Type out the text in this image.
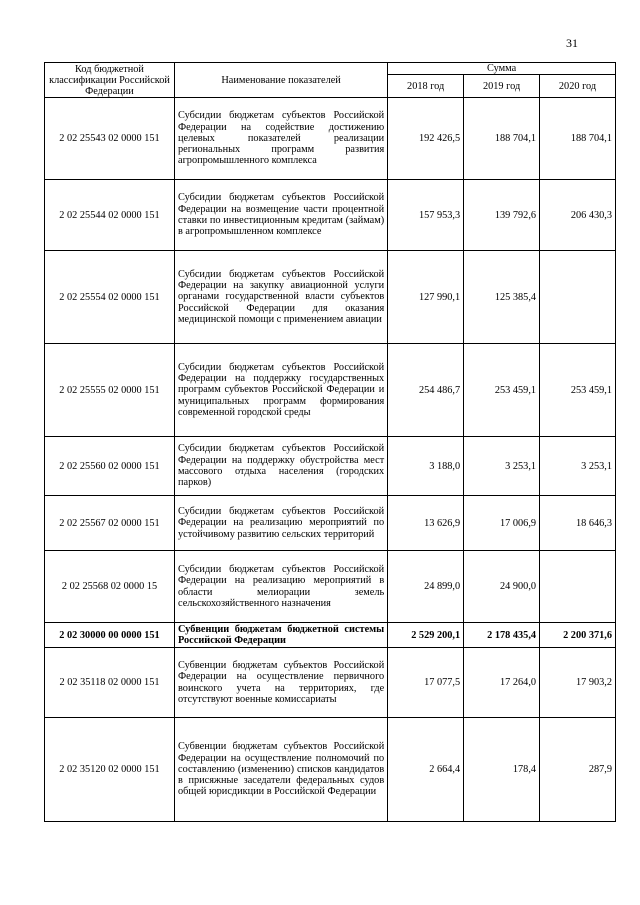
31
Код бюджетной классификации Российской Федерации	Наименование показателей	Сумма		
		2018 год	2019 год	2020 год
2 02 25543 02 0000 151	Субсидии бюджетам субъектов Российской Федерации на содействие достижению целевых показателей реализации региональных программ развития агропромышленного комплекса	192 426,5	188 704,1	188 704,1
2 02 25544 02 0000 151	Субсидии бюджетам субъектов Российской Федерации на возмещение части процентной ставки по инвестиционным кредитам (займам) в агропромышленном комплексе	157 953,3	139 792,6	206 430,3
2 02 25554 02 0000 151	Субсидии бюджетам субъектов Российской Федерации на закупку авиационной услуги органами государственной власти субъектов Российской Федерации для оказания медицинской помощи с применением авиации	127 990,1	125 385,4	
2 02 25555 02 0000 151	Субсидии бюджетам субъектов Российской Федерации на поддержку государственных программ субъектов Российской Федерации и муниципальных программ формирования современной городской среды	254 486,7	253 459,1	253 459,1
2 02 25560 02 0000 151	Субсидии бюджетам субъектов Российской Федерации на поддержку обустройства мест массового отдыха населения (городских парков)	3 188,0	3 253,1	3 253,1
2 02 25567 02 0000 151	Субсидии бюджетам субъектов Российской Федерации на реализацию мероприятий по устойчивому развитию сельских территорий	13 626,9	17 006,9	18 646,3
2 02 25568 02 0000 15	Субсидии бюджетам субъектов Российской Федерации на реализацию мероприятий в области мелиорации земель сельскохозяйственного назначения	24 899,0	24 900,0	
2 02 30000 00 0000 151	Субвенции бюджетам бюджетной системы Российской Федерации	2 529 200,1	2 178 435,4	2 200 371,6
2 02 35118 02 0000 151	Субвенции бюджетам субъектов Российской Федерации на осуществление первичного воинского учета на территориях, где отсутствуют военные комиссариаты	17 077,5	17 264,0	17 903,2
2 02 35120 02 0000 151	Субвенции бюджетам субъектов Российской Федерации на осуществление полномочий по составлению (изменению) списков кандидатов в присяжные заседатели федеральных судов общей юрисдикции в Российской Федерации	2 664,4	178,4	287,9
